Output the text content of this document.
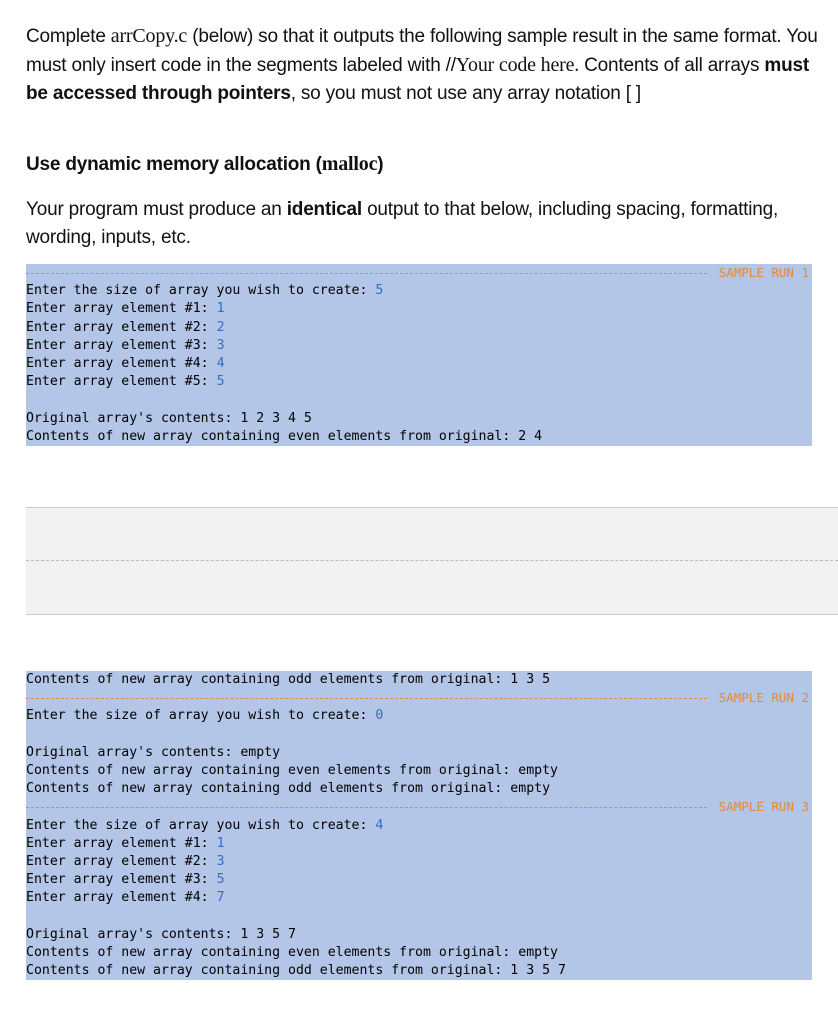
Complete arrCopy.c (below) so that it outputs the following sample result in the same format. You must only insert code in the segments labeled with //Your code here. Contents of all arrays must be accessed through pointers, so you must not use any array notation [ ]
Use dynamic memory allocation (malloc)
Your program must produce an identical output to that below, including spacing, formatting, wording, inputs, etc.
SAMPLE RUN 1
Enter the size of array you wish to create: 5
Enter array element #1: 1
Enter array element #2: 2
Enter array element #3: 3
Enter array element #4: 4
Enter array element #5: 5
Original array's contents: 1 2 3 4 5
Contents of new array containing even elements from original: 2 4
Contents of new array containing odd elements from original: 1 3 5
SAMPLE RUN 2
Enter the size of array you wish to create: 0
Original array's contents: empty
Contents of new array containing even elements from original: empty
Contents of new array containing odd elements from original: empty
SAMPLE RUN 3
Enter the size of array you wish to create: 4
Enter array element #1: 1
Enter array element #2: 3
Enter array element #3: 5
Enter array element #4: 7
Original array's contents: 1 3 5 7
Contents of new array containing even elements from original: empty
Contents of new array containing odd elements from original: 1 3 5 7
